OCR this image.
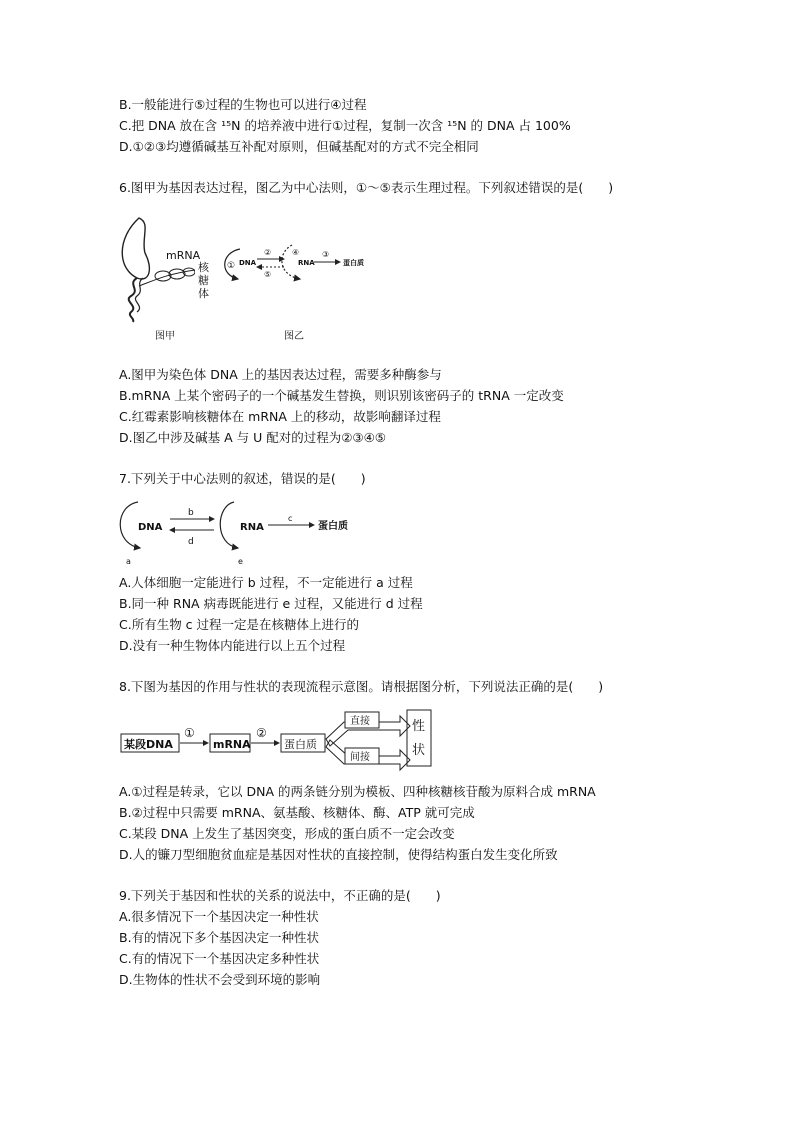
B.一般能进行⑤过程的生物也可以进行④过程
C.把 DNA 放在含 ¹⁵N 的培养液中进行①过程，复制一次含 ¹⁵N 的 DNA 占 100%
D.①②③均遵循碱基互补配对原则，但碱基配对的方式不完全相同
6.图甲为基因表达过程，图乙为中心法则，①～⑤表示生理过程。下列叙述错误的是(　　)
图甲
mRNA
核
糖
体
① DNA
②
⑤
④
RNA
③
蛋白质
图乙
A.图甲为染色体 DNA 上的基因表达过程，需要多种酶参与
B.mRNA 上某个密码子的一个碱基发生替换，则识别该密码子的 tRNA 一定改变
C.红霉素影响核糖体在 mRNA 上的移动，故影响翻译过程
D.图乙中涉及碱基 A 与 U 配对的过程为②③④⑤
7.下列关于中心法则的叙述，错误的是(　　)
DNA
a
b
d
RNA
e
c
蛋白质
A.人体细胞一定能进行 b 过程，不一定能进行 a 过程
B.同一种 RNA 病毒既能进行 e 过程，又能进行 d 过程
C.所有生物 c 过程一定是在核糖体上进行的
D.没有一种生物体内能进行以上五个过程
8.下图为基因的作用与性状的表现流程示意图。请根据图分析，下列说法正确的是(　　)
某段DNA
①
mRNA
②
蛋白质
直接
间接
性
状
A.①过程是转录，它以 DNA 的两条链分别为模板、四种核糖核苷酸为原料合成 mRNA
B.②过程中只需要 mRNA、氨基酸、核糖体、酶、ATP 就可完成
C.某段 DNA 上发生了基因突变，形成的蛋白质不一定会改变
D.人的镰刀型细胞贫血症是基因对性状的直接控制，使得结构蛋白发生变化所致
9.下列关于基因和性状的关系的说法中，不正确的是(　　)
A.很多情况下一个基因决定一种性状
B.有的情况下多个基因决定一种性状
C.有的情况下一个基因决定多种性状
D.生物体的性状不会受到环境的影响
